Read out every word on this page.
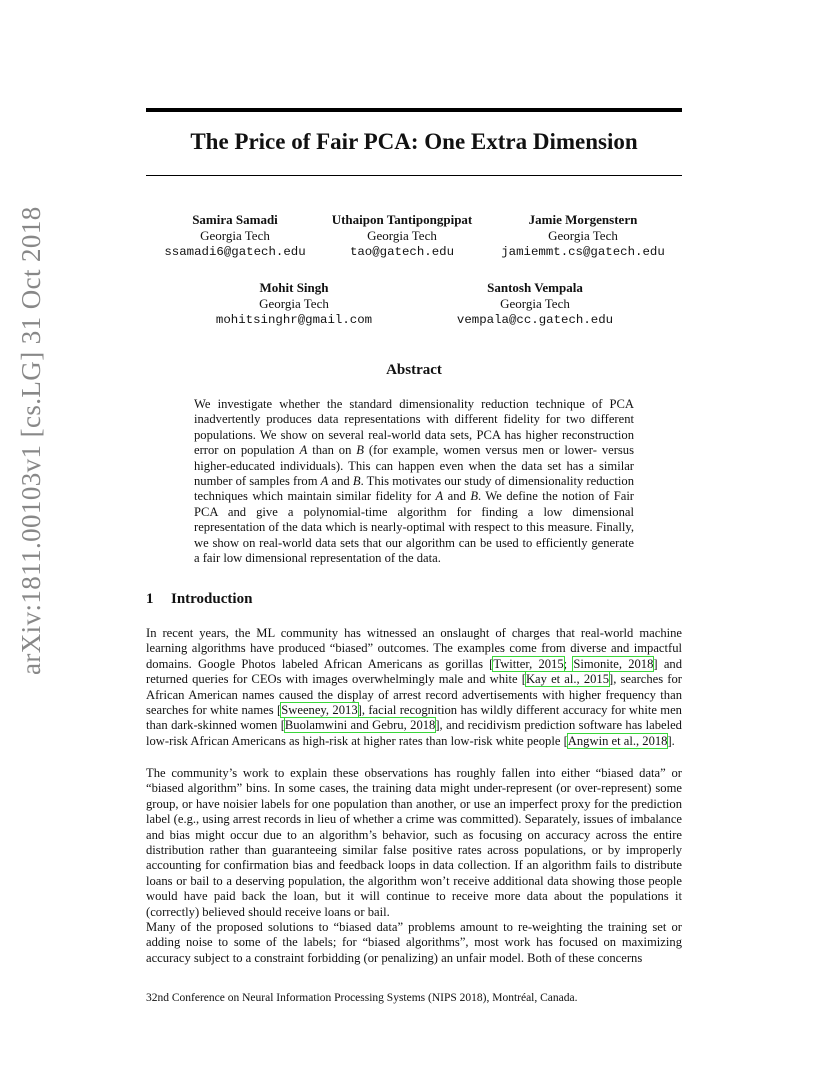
arXiv:1811.00103v1 [cs.LG] 31 Oct 2018
The Price of Fair PCA: One Extra Dimension
Samira Samadi
Georgia Tech
ssamadi6@gatech.edu
Uthaipon Tantipongpipat
Georgia Tech
tao@gatech.edu
Jamie Morgenstern
Georgia Tech
jamiemmt.cs@gatech.edu
Mohit Singh
Georgia Tech
mohitsinghr@gmail.com
Santosh Vempala
Georgia Tech
vempala@cc.gatech.edu
Abstract

We investigate whether the standard dimensionality reduction technique of PCA inadvertently produces data representations with different fidelity for two different populations. We show on several real-world data sets, PCA has higher reconstruction error on population A than on B (for example, women versus men or lower- versus higher-educated individuals). This can happen even when the data set has a similar number of samples from A and B. This motivates our study of dimensionality reduction techniques which maintain similar fidelity for A and B. We define the notion of Fair PCA and give a polynomial-time algorithm for finding a low dimensional representation of the data which is nearly-optimal with respect to this measure. Finally, we show on real-world data sets that our algorithm can be used to efficiently generate a fair low dimensional representation of the data.

1 Introduction

In recent years, the ML community has witnessed an onslaught of charges that real-world machine learning algorithms have produced “biased” outcomes. The examples come from diverse and impactful domains. Google Photos labeled African Americans as gorillas [Twitter, 2015; Simonite, 2018] and returned queries for CEOs with images overwhelmingly male and white [Kay et al., 2015], searches for African American names caused the display of arrest record advertisements with higher frequency than searches for white names [Sweeney, 2013], facial recognition has wildly different accuracy for white men than dark-skinned women [Buolamwini and Gebru, 2018], and recidivism prediction software has labeled low-risk African Americans as high-risk at higher rates than low-risk white people [Angwin et al., 2018].

The community’s work to explain these observations has roughly fallen into either “biased data” or “biased algorithm” bins. In some cases, the training data might under-represent (or over-represent) some group, or have noisier labels for one population than another, or use an imperfect proxy for the prediction label (e.g., using arrest records in lieu of whether a crime was committed). Separately, issues of imbalance and bias might occur due to an algorithm’s behavior, such as focusing on accuracy across the entire distribution rather than guaranteeing similar false positive rates across populations, or by improperly accounting for confirmation bias and feedback loops in data collection. If an algorithm fails to distribute loans or bail to a deserving population, the algorithm won’t receive additional data showing those people would have paid back the loan, but it will continue to receive more data about the populations it (correctly) believed should receive loans or bail.

Many of the proposed solutions to “biased data” problems amount to re-weighting the training set or adding noise to some of the labels; for “biased algorithms”, most work has focused on maximizing accuracy subject to a constraint forbidding (or penalizing) an unfair model. Both of these concerns

32nd Conference on Neural Information Processing Systems (NIPS 2018), Montréal, Canada.
